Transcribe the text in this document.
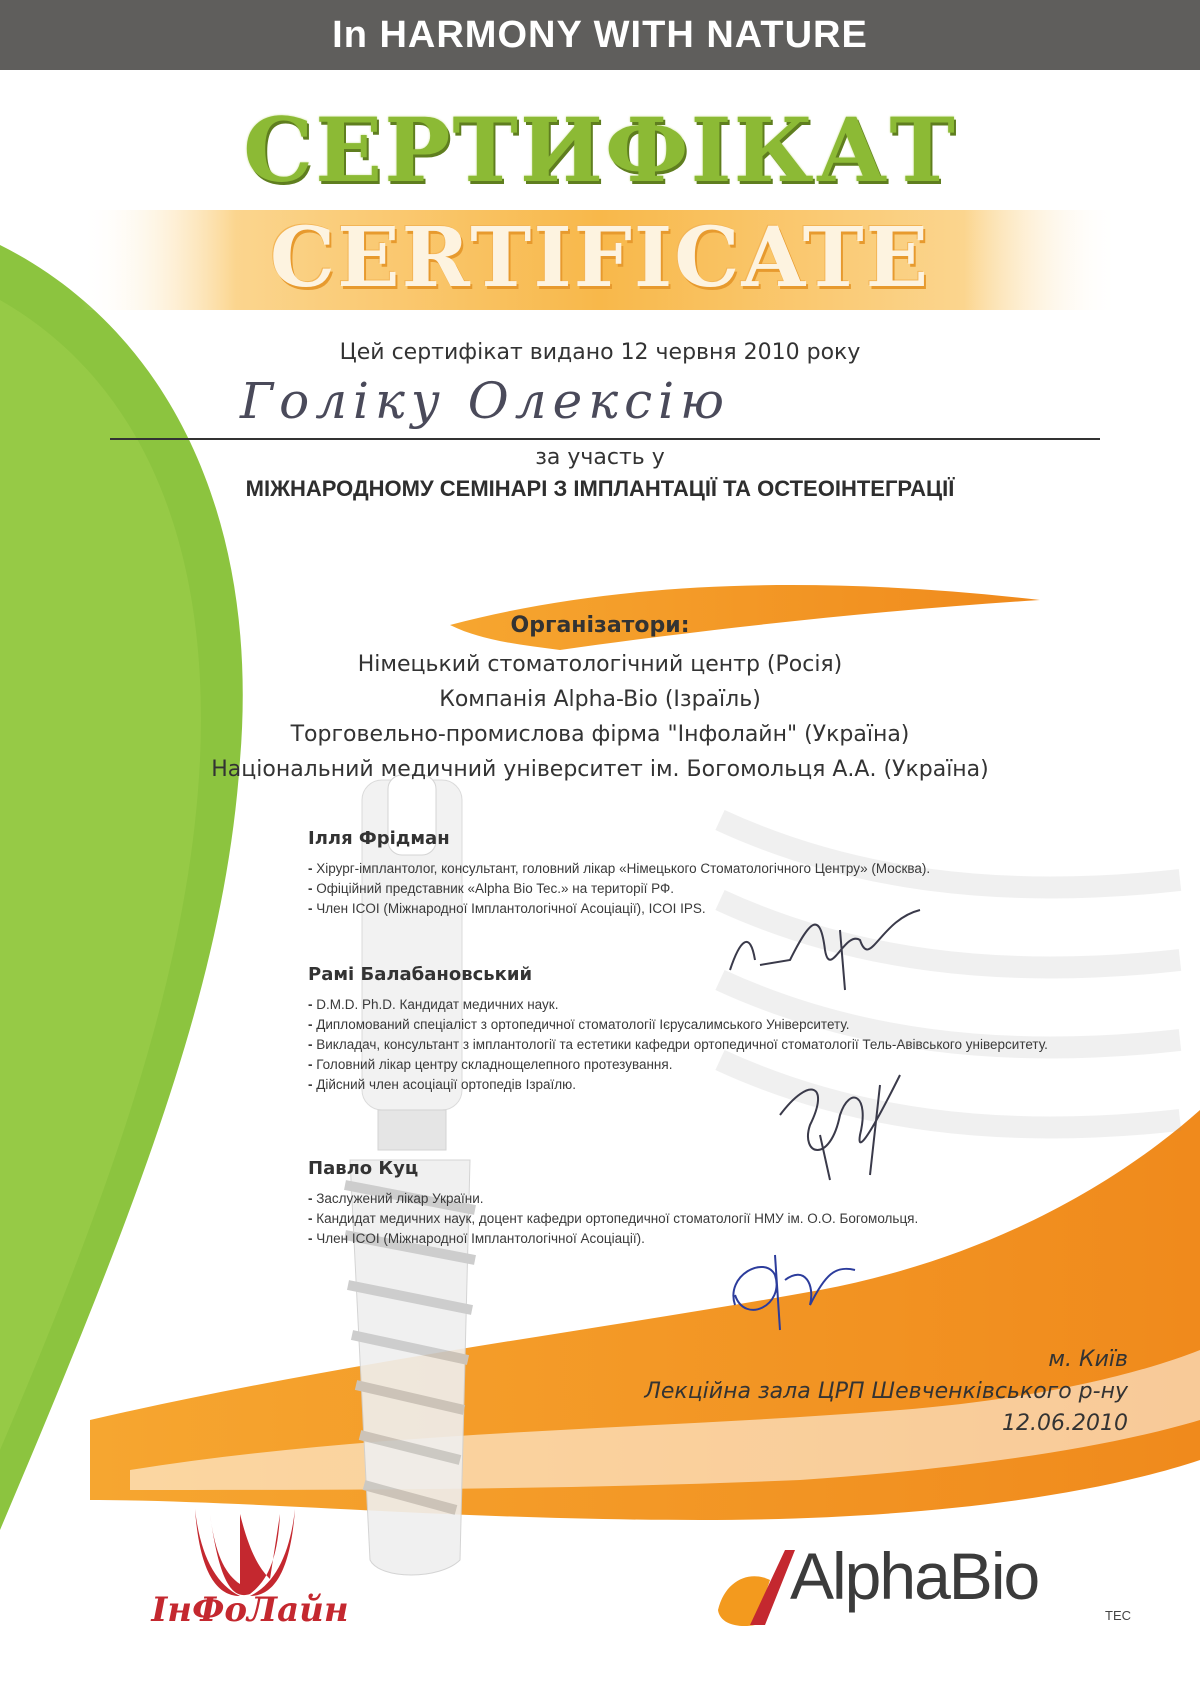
In HARMONY WITH NATURE
СЕРТИФІКАТ
CERTIFICATE
Цей сертифікат видано 12 червня 2010 року
Голіку Олексію
за участь у
МІЖНАРОДНОМУ СЕМІНАРІ З ІМПЛАНТАЦІЇ ТА ОСТЕОІНТЕГРАЦІЇ
Організатори:
Німецький стоматологічний центр (Росія)
Компанія Alpha-Bio (Ізраїль)
Торговельно-промислова фірма "Інфолайн" (Україна)
Національний медичний університет ім. Богомольця А.А. (Україна)
Ілля Фрідман
- Хірург-імплантолог, консультант, головний лікар «Німецького Стоматологічного Центру» (Москва).
- Офіційний представник «Alpha Bio Tec.» на території РФ.
- Член ICOI (Міжнародної Імплантологічної Асоціації), ICOI IPS.
Рамі Балабановський
- D.M.D. Ph.D. Кандидат медичних наук.
- Дипломований спеціаліст з ортопедичної стоматології Ієрусалимського Університету.
- Викладач, консультант з імплантології та естетики кафедри ортопедичної стоматології Тель-Авівського університету.
- Головний лікар центру складнощелепного протезування.
- Дійсний член асоціації ортопедів Ізраїлю.
Павло Куц
- Заслужений лікар України.
- Кандидат медичних наук, доцент кафедри ортопедичної стоматології НМУ ім. О.О. Богомольця.
- Член ICOI (Міжнародної Імплантологічної Асоціації).
м. Київ
Лекційна зала ЦРП Шевченківського р-ну
12.06.2010
ІнФоЛайн	AlphaBio
TEC
